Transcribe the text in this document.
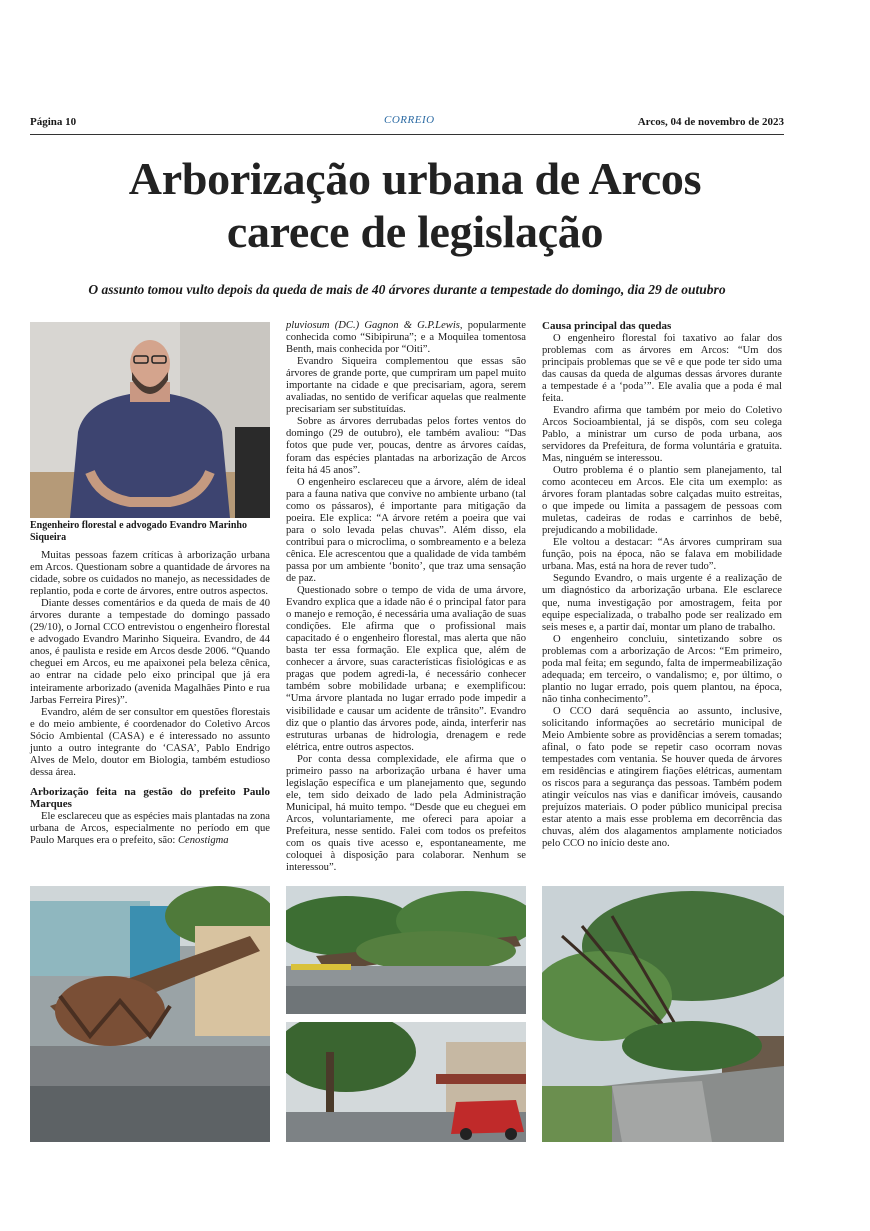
Página 10	CORREIO	Arcos, 04 de novembro de 2023
Arborização urbana de Arcos
carece de legislação

O assunto tomou vulto depois da queda de mais de 40 árvores durante a tempestade do domingo, dia 29 de outubro

Engenheiro florestal e advogado Evandro Marinho Siqueira

Muitas pessoas fazem críticas à arborização urbana em Arcos. Questionam sobre a quantidade de árvores na cidade, sobre os cuidados no manejo, as necessidades de replantio, poda e corte de árvores, entre outros aspectos.

Diante desses comentários e da queda de mais de 40 árvores durante a tempestade do domingo passado (29/10), o Jornal CCO entrevistou o engenheiro florestal e advogado Evandro Marinho Siqueira. Evandro, de 44 anos, é paulista e reside em Arcos desde 2006. “Quando cheguei em Arcos, eu me apaixonei pela beleza cênica, ao entrar na cidade pelo eixo principal que já era inteiramente arborizado (avenida Magalhães Pinto e rua Jarbas Ferreira Pires)”.

Evandro, além de ser consultor em questões florestais e do meio ambiente, é coordenador do Coletivo Arcos Sócio Ambiental (CASA) e é interessado no assunto junto a outro integrante do ‘CASA’, Pablo Endrigo Alves de Melo, doutor em Biologia, também estudioso dessa área.

Arborização feita na gestão do prefeito Paulo Marques

Ele esclareceu que as espécies mais plantadas na zona urbana de Arcos, especialmente no período em que Paulo Marques era o prefeito, são: Cenostigma

pluviosum (DC.) Gagnon & G.P.Lewis, popularmente conhecida como “Sibipiruna”; e a Moquilea tomentosa Benth, mais conhecida por “Oiti”.

Evandro Siqueira complementou que essas são árvores de grande porte, que cumpriram um papel muito importante na cidade e que precisariam, agora, serem avaliadas, no sentido de verificar aquelas que realmente precisariam ser substituídas.

Sobre as árvores derrubadas pelos fortes ventos do domingo (29 de outubro), ele também avaliou: “Das fotos que pude ver, poucas, dentre as árvores caídas, foram das espécies plantadas na arborização de Arcos feita há 45 anos”.

O engenheiro esclareceu que a árvore, além de ideal para a fauna nativa que convive no ambiente urbano (tal como os pássaros), é importante para mitigação da poeira. Ele explica: “A árvore retém a poeira que vai para o solo levada pelas chuvas”. Além disso, ela contribui para o microclima, o sombreamento e a beleza cênica. Ele acrescentou que a qualidade de vida também passa por um ambiente ‘bonito’, que traz uma sensação de paz.

Questionado sobre o tempo de vida de uma árvore, Evandro explica que a idade não é o principal fator para o manejo e remoção, é necessária uma avaliação de suas condições. Ele afirma que o profissional mais capacitado é o engenheiro florestal, mas alerta que não basta ter essa formação. Ele explica que, além de conhecer a árvore, suas características fisiológicas e as pragas que podem agredi-la, é necessário conhecer também sobre mobilidade urbana; e exemplificou: “Uma árvore plantada no lugar errado pode impedir a visibilidade e causar um acidente de trânsito”. Evandro diz que o plantio das árvores pode, ainda, interferir nas estruturas urbanas de hidrologia, drenagem e rede elétrica, entre outros aspectos.

Por conta dessa complexidade, ele afirma que o primeiro passo na arborização urbana é haver uma legislação específica e um planejamento que, segundo ele, tem sido deixado de lado pela Administração Municipal, há muito tempo. “Desde que eu cheguei em Arcos, voluntariamente, me ofereci para apoiar a Prefeitura, nesse sentido. Falei com todos os prefeitos com os quais tive acesso e, espontaneamente, me coloquei à disposição para colaborar. Nenhum se interessou”.

Causa principal das quedas

O engenheiro florestal foi taxativo ao falar dos problemas com as árvores em Arcos: “Um dos principais problemas que se vê e que pode ter sido uma das causas da queda de algumas dessas árvores durante a tempestade é a ‘poda’”. Ele avalia que a poda é mal feita.

Evandro afirma que também por meio do Coletivo Arcos Socioambiental, já se dispôs, com seu colega Pablo, a ministrar um curso de poda urbana, aos servidores da Prefeitura, de forma voluntária e gratuita. Mas, ninguém se interessou.

Outro problema é o plantio sem planejamento, tal como aconteceu em Arcos. Ele cita um exemplo: as árvores foram plantadas sobre calçadas muito estreitas, o que impede ou limita a passagem de pessoas com muletas, cadeiras de rodas e carrinhos de bebê, prejudicando a mobilidade.

Ele voltou a destacar: “As árvores cumpriram sua função, pois na época, não se falava em mobilidade urbana. Mas, está na hora de rever tudo”.

Segundo Evandro, o mais urgente é a realização de um diagnóstico da arborização urbana. Ele esclarece que, numa investigação por amostragem, feita por equipe especializada, o trabalho pode ser realizado em seis meses e, a partir daí, montar um plano de trabalho.

O engenheiro concluiu, sintetizando sobre os problemas com a arborização de Arcos: “Em primeiro, poda mal feita; em segundo, falta de impermeabilização adequada; em terceiro, o vandalismo; e, por último, o plantio no lugar errado, pois quem plantou, na época, não tinha conhecimento”.

O CCO dará sequência ao assunto, inclusive, solicitando informações ao secretário municipal de Meio Ambiente sobre as providências a serem tomadas; afinal, o fato pode se repetir caso ocorram novas tempestades com ventania. Se houver queda de árvores em residências e atingirem fiações elétricas, aumentam os riscos para a segurança das pessoas. Também podem atingir veículos nas vias e danificar imóveis, causando prejuízos materiais. O poder público municipal precisa estar atento a mais esse problema em decorrência das chuvas, além dos alagamentos amplamente noticiados pelo CCO no início deste ano.
